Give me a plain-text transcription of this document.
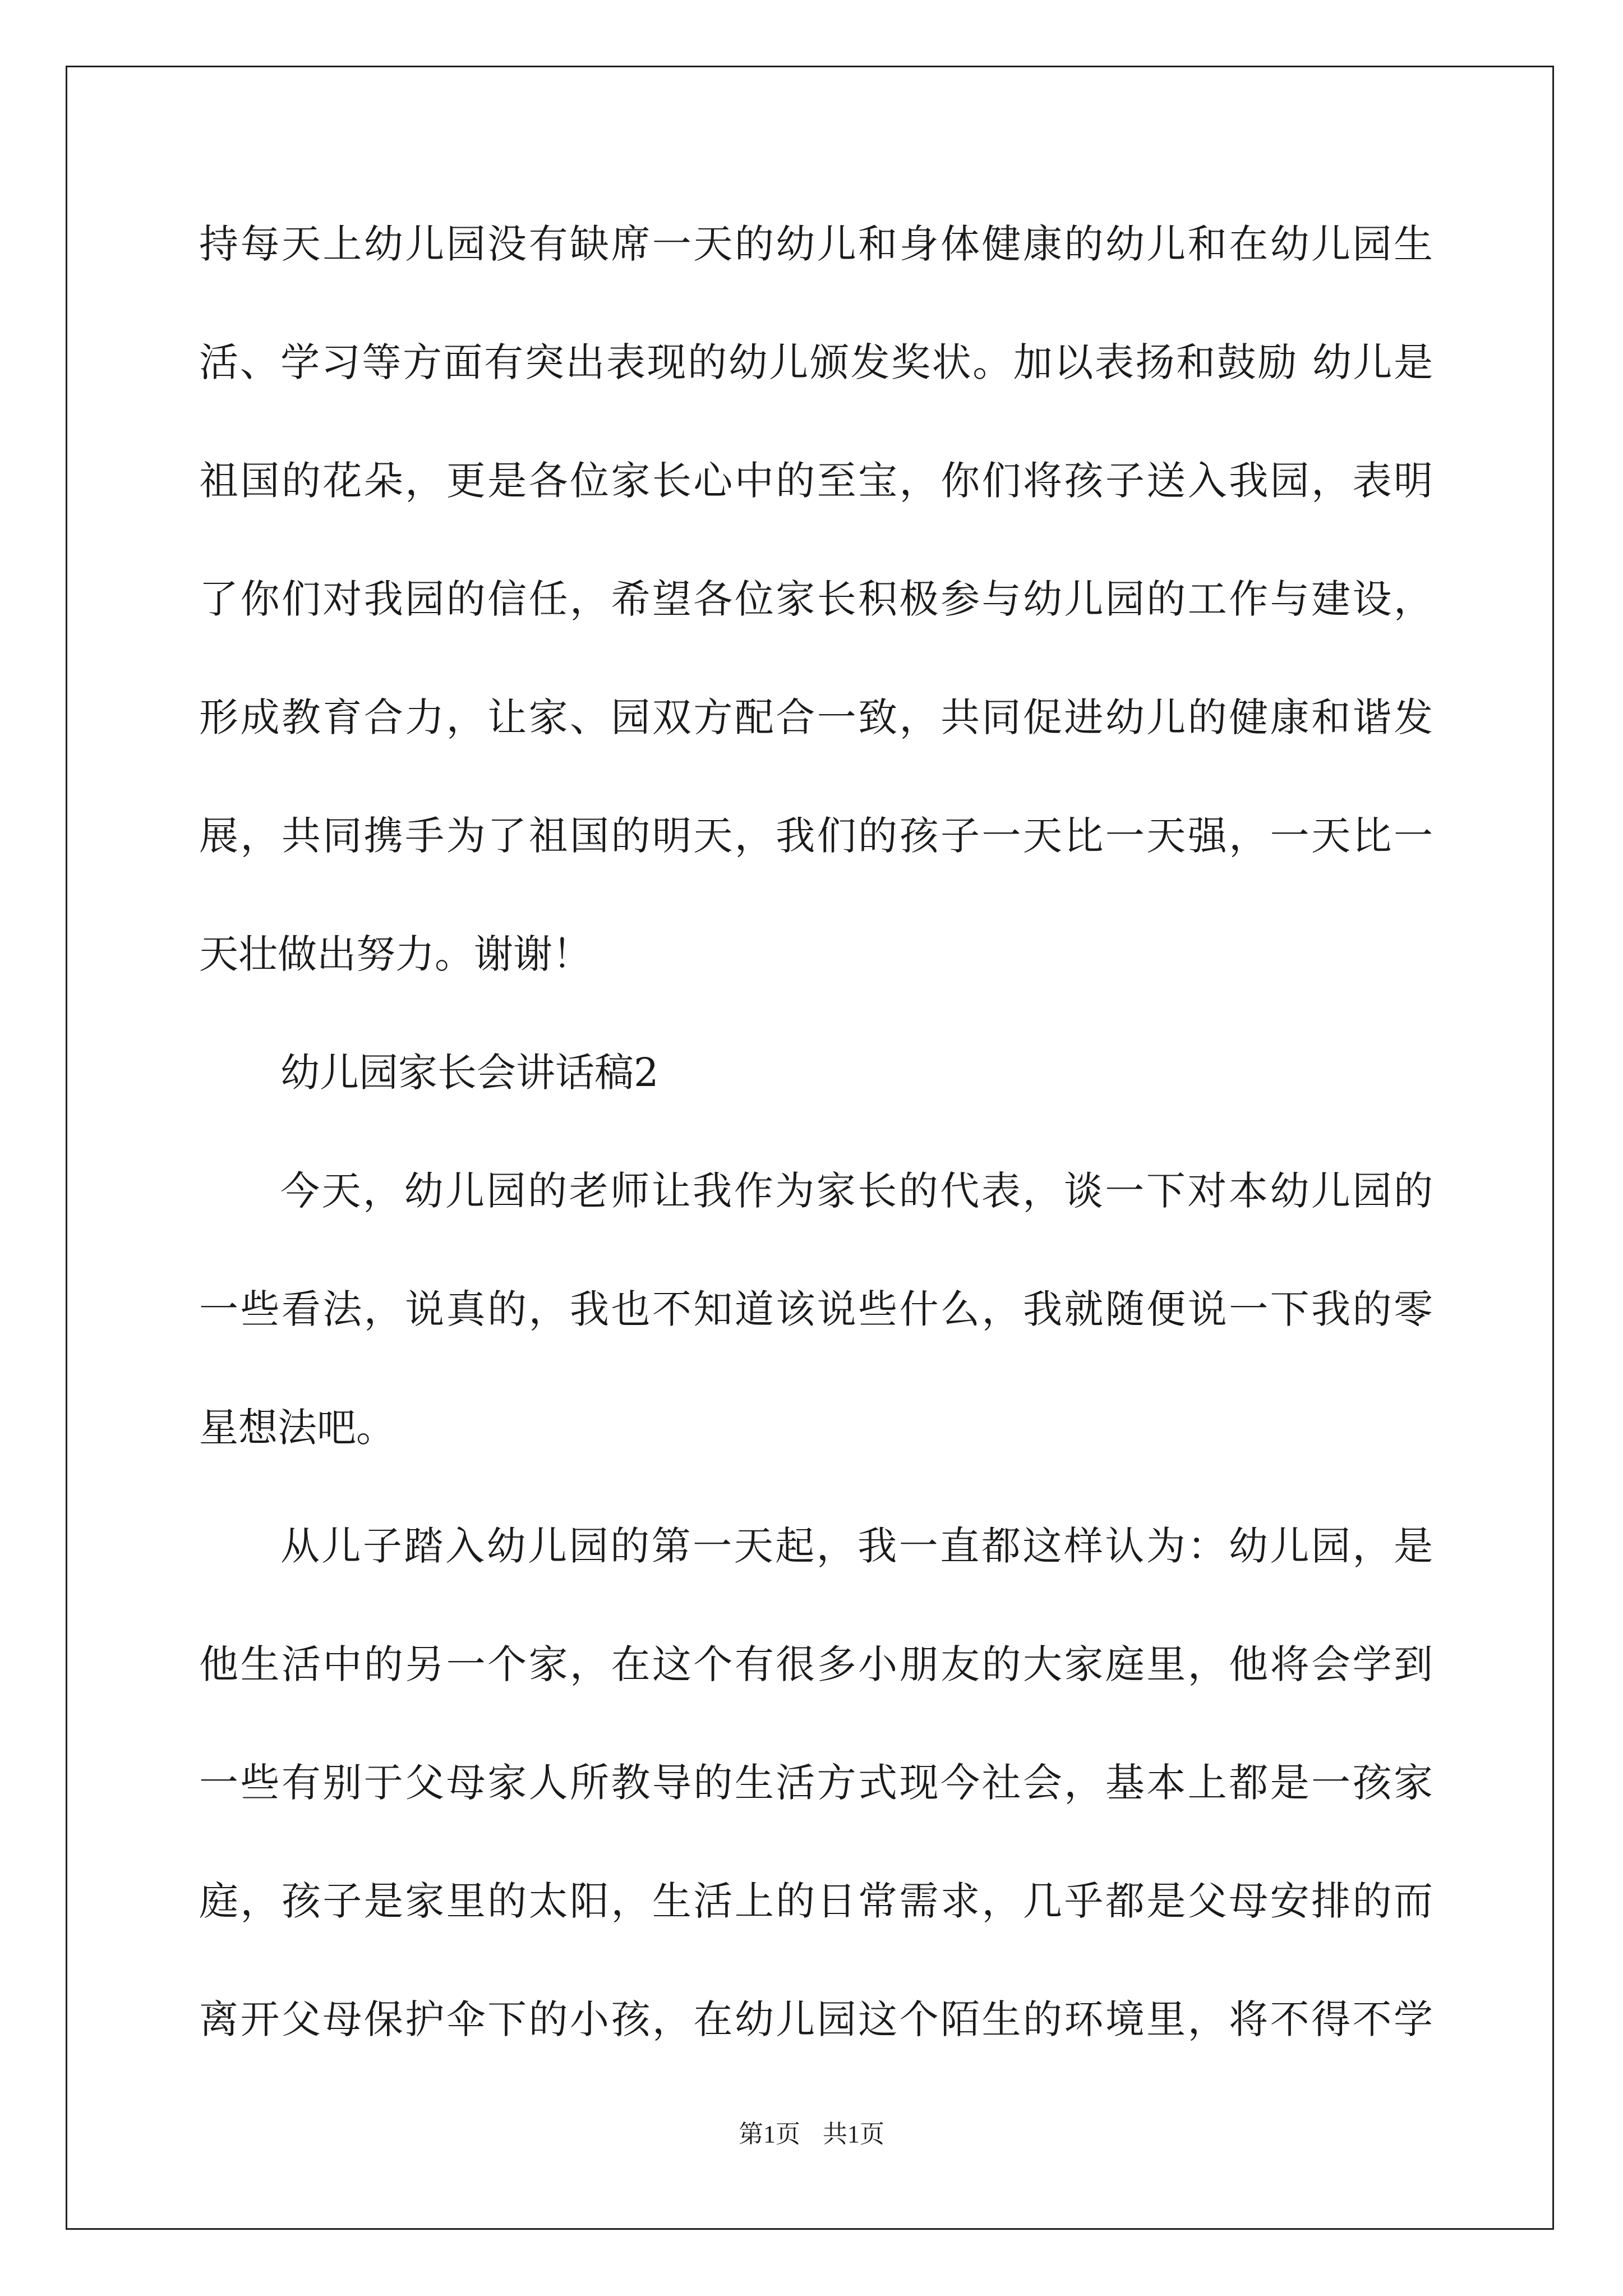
持每天上幼儿园没有缺席一天的幼儿和身体健康的幼儿和在幼儿园生
活、学习等方面有突出表现的幼儿颁发奖状。加以表扬和鼓励 幼儿是
祖国的花朵，更是各位家长心中的至宝，你们将孩子送入我园，表明
了你们对我园的信任，希望各位家长积极参与幼儿园的工作与建设，
形成教育合力，让家、园双方配合一致，共同促进幼儿的健康和谐发
展，共同携手为了祖国的明天，我们的孩子一天比一天强，一天比一
天壮做出努力。谢谢！
幼儿园家长会讲话稿2
今天，幼儿园的老师让我作为家长的代表，谈一下对本幼儿园的
一些看法，说真的，我也不知道该说些什么，我就随便说一下我的零
星想法吧。
从儿子踏入幼儿园的第一天起，我一直都这样认为：幼儿园，是
他生活中的另一个家，在这个有很多小朋友的大家庭里，他将会学到
一些有别于父母家人所教导的生活方式现今社会，基本上都是一孩家
庭，孩子是家里的太阳，生活上的日常需求，几乎都是父母安排的而
离开父母保护伞下的小孩，在幼儿园这个陌生的环境里，将不得不学
第1页 共1页
